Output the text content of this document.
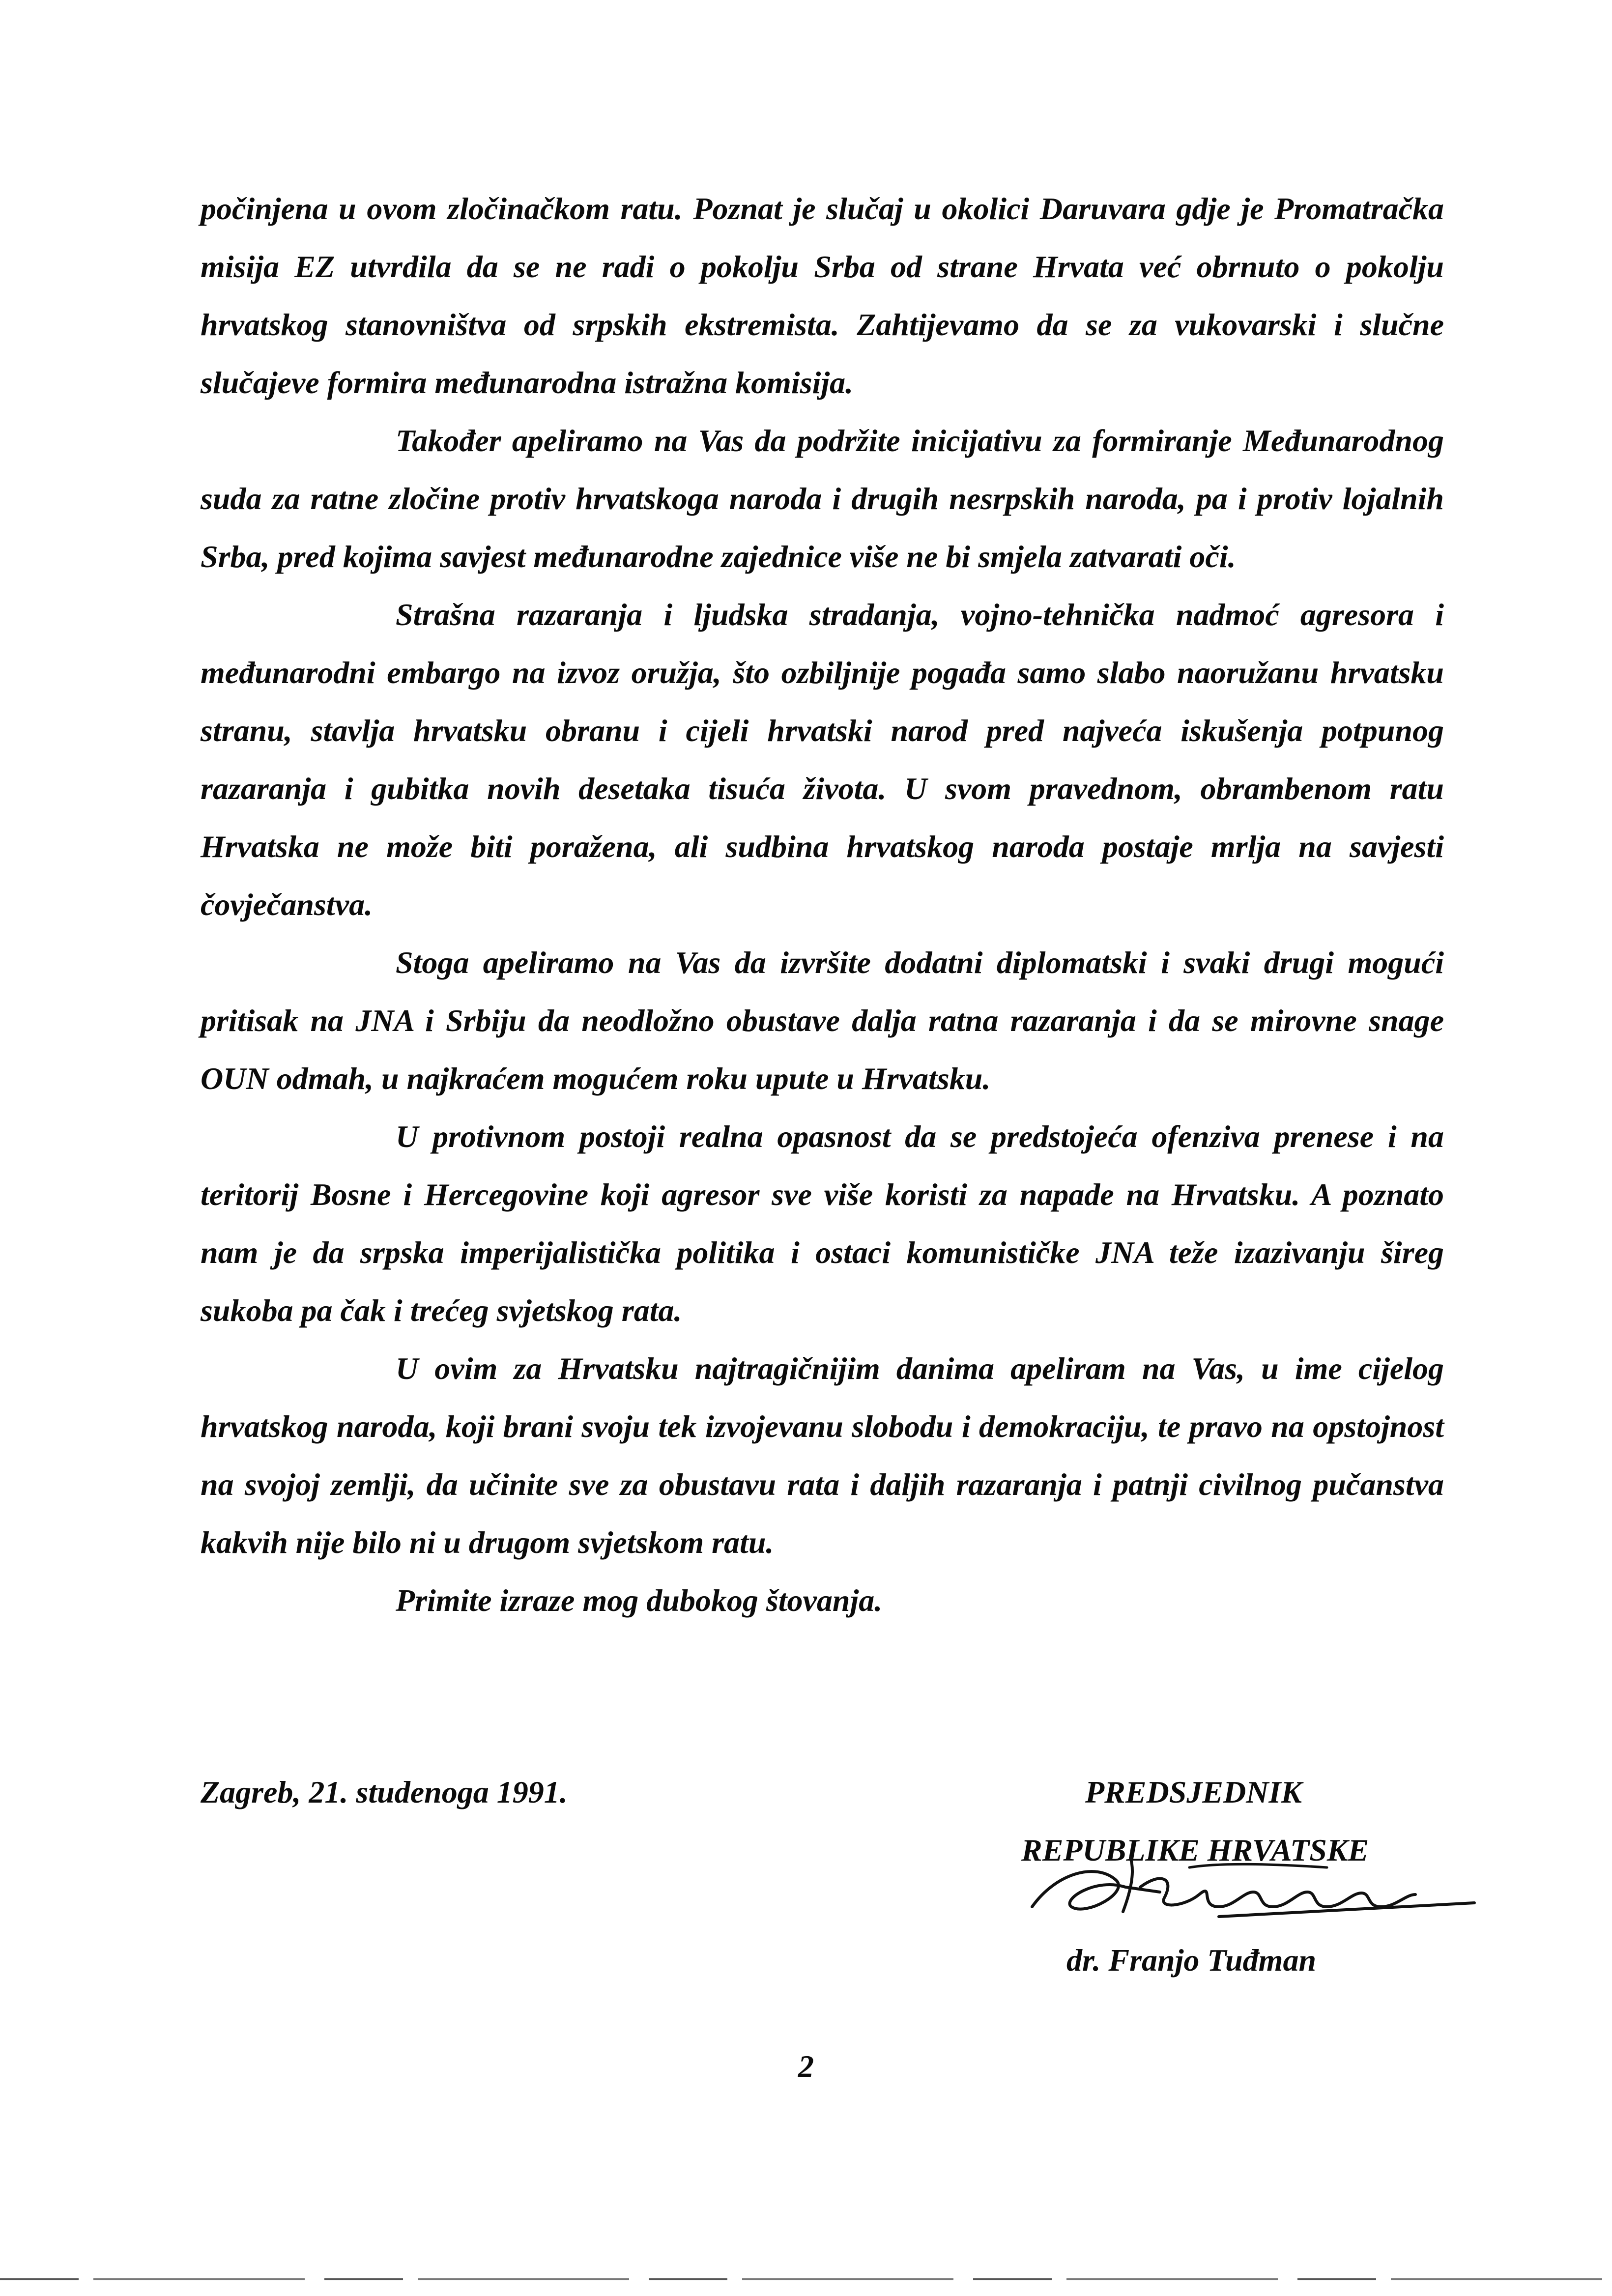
počinjena u ovom zločinačkom ratu. Poznat je slučaj u okolici Daruvara gdje je Promatračka misija EZ utvrdila da se ne radi o pokolju Srba od strane Hrvata već obrnuto o pokolju hrvatskog stanovništva od srpskih ekstremista. Zahtijevamo da se za vukovarski i slučne slučajeve formira međunarodna istražna komisija.

Također apeliramo na Vas da podržite inicijativu za formiranje Međunarodnog suda za ratne zločine protiv hrvatskoga naroda i drugih nesrpskih naroda, pa i protiv lojalnih Srba, pred kojima savjest međunarodne zajednice više ne bi smjela zatvarati oči.

Strašna razaranja i ljudska stradanja, vojno-tehnička nadmoć agresora i međunarodni embargo na izvoz oružja, što ozbiljnije pogađa samo slabo naoružanu hrvatsku stranu, stavlja hrvatsku obranu i cijeli hrvatski narod pred najveća iskušenja potpunog razaranja i gubitka novih desetaka tisuća života. U svom pravednom, obrambenom ratu Hrvatska ne može biti poražena, ali sudbina hrvatskog naroda postaje mrlja na savjesti čovječanstva.

Stoga apeliramo na Vas da izvršite dodatni diplomatski i svaki drugi mogući pritisak na JNA i Srbiju da neodložno obustave dalja ratna razaranja i da se mirovne snage OUN odmah, u najkraćem mogućem roku upute u Hrvatsku.

U protivnom postoji realna opasnost da se predstojeća ofenziva prenese i na teritorij Bosne i Hercegovine koji agresor sve više koristi za napade na Hrvatsku. A poznato nam je da srpska imperijalistička politika i ostaci komunističke JNA teže izazivanju šireg sukoba pa čak i trećeg svjetskog rata.

U ovim za Hrvatsku najtragičnijim danima apeliram na Vas, u ime cijelog hrvatskog naroda, koji brani svoju tek izvojevanu slobodu i demokraciju, te pravo na opstojnost na svojoj zemlji, da učinite sve za obustavu rata i daljih razaranja i patnji civilnog pučanstva kakvih nije bilo ni u drugom svjetskom ratu.

Primite izraze mog dubokog štovanja.

Zagreb, 21. studenoga 1991.	PREDSJEDNIK
REPUBLIKE HRVATSKE
dr. Franjo Tuđman
2
